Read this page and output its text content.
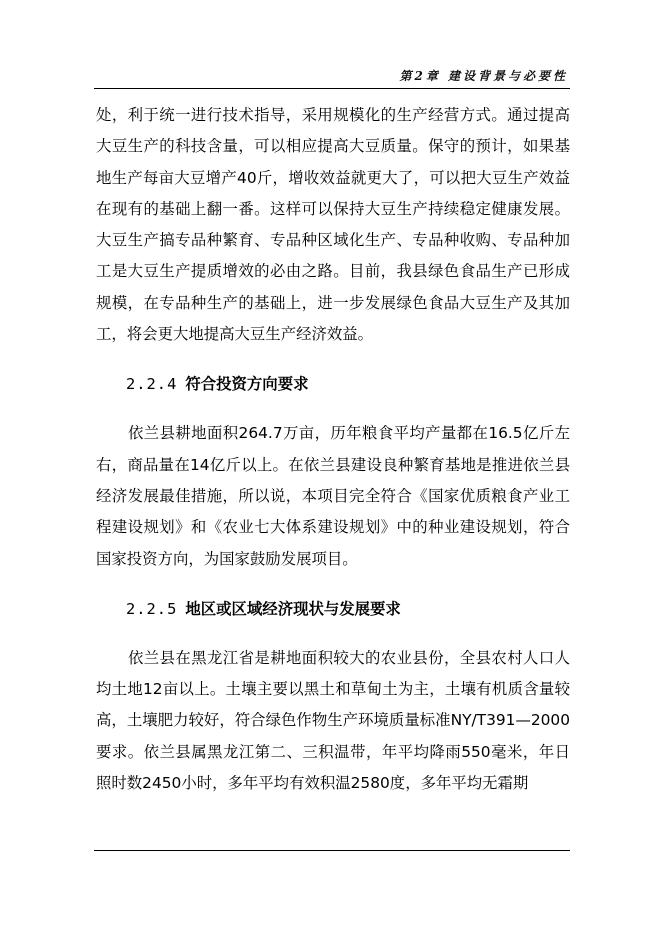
第2章 建设背景与必要性

处，利于统一进行技术指导，采用规模化的生产经营方式。通过提高大豆生产的科技含量，可以相应提高大豆质量。保守的预计，如果基地生产每亩大豆增产40斤，增收效益就更大了，可以把大豆生产效益在现有的基础上翻一番。这样可以保持大豆生产持续稳定健康发展。大豆生产搞专品种繁育、专品种区域化生产、专品种收购、专品种加工是大豆生产提质增效的必由之路。目前，我县绿色食品生产已形成规模，在专品种生产的基础上，进一步发展绿色食品大豆生产及其加工，将会更大地提高大豆生产经济效益。

2.2.4 符合投资方向要求

依兰县耕地面积264.7万亩，历年粮食平均产量都在16.5亿斤左右，商品量在14亿斤以上。在依兰县建设良种繁育基地是推进依兰县经济发展最佳措施，所以说，本项目完全符合《国家优质粮食产业工程建设规划》和《农业七大体系建设规划》中的种业建设规划，符合国家投资方向，为国家鼓励发展项目。

2.2.5 地区或区域经济现状与发展要求

依兰县在黑龙江省是耕地面积较大的农业县份，全县农村人口人均土地12亩以上。土壤主要以黑土和草甸土为主，土壤有机质含量较高，土壤肥力较好，符合绿色作物生产环境质量标准NY/T391—2000要求。依兰县属黑龙江第二、三积温带，年平均降雨550毫米，年日照时数2450小时，多年平均有效积温2580度，多年平均无霜期
